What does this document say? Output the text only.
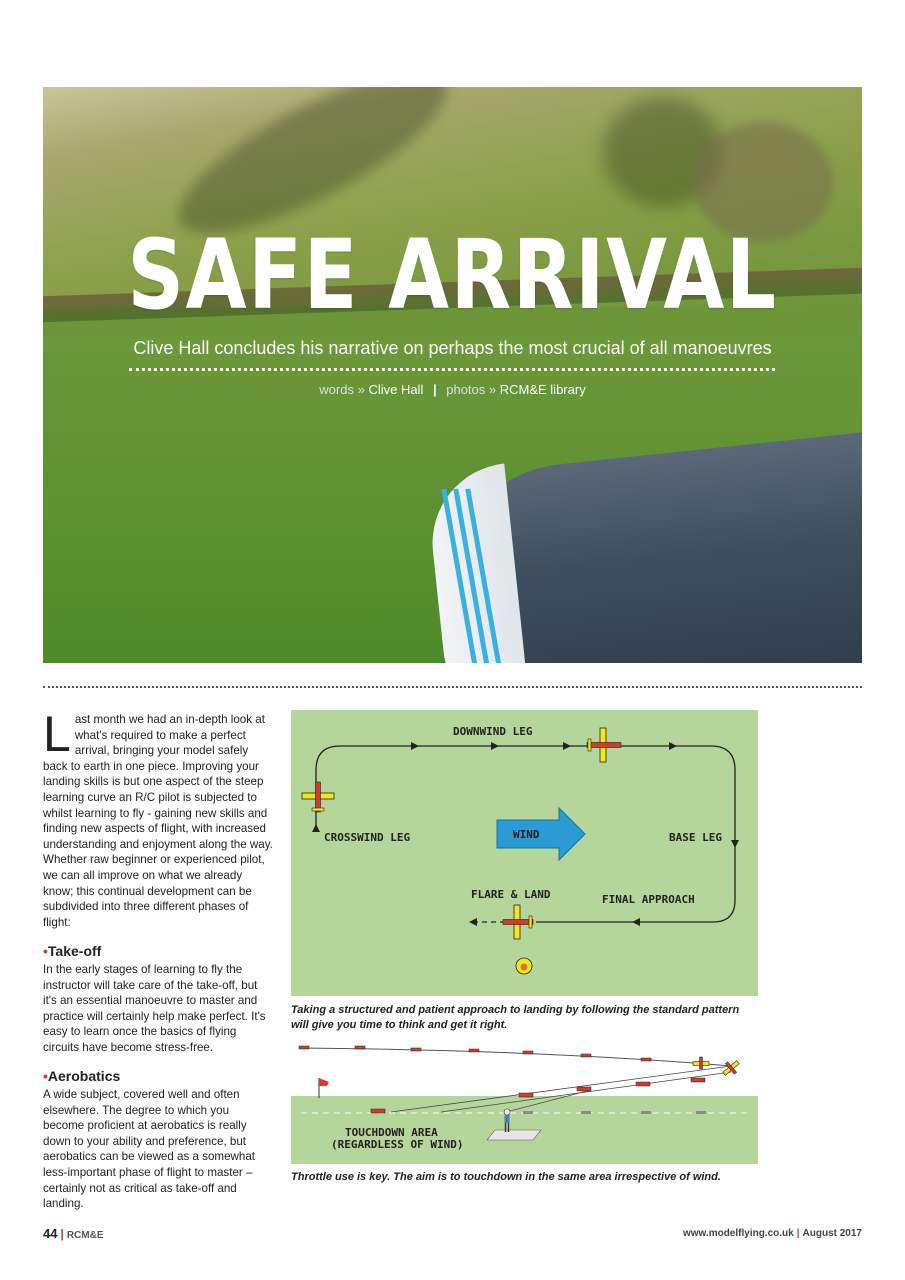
SAFE ARRIVAL
Clive Hall concludes his narrative on perhaps the most crucial of all manoeuvres
words » Clive Hall | photos » RCM&E library

Last month we had an in-depth look at what's required to make a perfect arrival, bringing your model safely back to earth in one piece. Improving your landing skills is but one aspect of the steep learning curve an R/C pilot is subjected to whilst learning to fly - gaining new skills and finding new aspects of flight, with increased understanding and enjoyment along the way. Whether raw beginner or experienced pilot, we can all improve on what we already know; this continual development can be subdivided into three different phases of flight:

•Take-off

In the early stages of learning to fly the instructor will take care of the take-off, but it's an essential manoeuvre to master and practice will certainly help make perfect. It's easy to learn once the basics of flying circuits have become stress-free.

•Aerobatics

A wide subject, covered well and often elsewhere. The degree to which you become proficient at aerobatics is really down to your ability and preference, but aerobatics can be viewed as a somewhat less-important phase of flight to master – certainly not as critical as take-off and landing.

DOWNWIND LEG
CROSSWIND LEG	WIND	BASE LEG
FLARE & LAND	FINAL APPROACH
Taking a structured and patient approach to landing by following the standard pattern will give you time to think and get it right.
TOUCHDOWN AREA
(REGARDLESS OF WIND)
Throttle use is key. The aim is to touchdown in the same area irrespective of wind.
44 | RCM&E	www.modelflying.co.uk | August 2017
